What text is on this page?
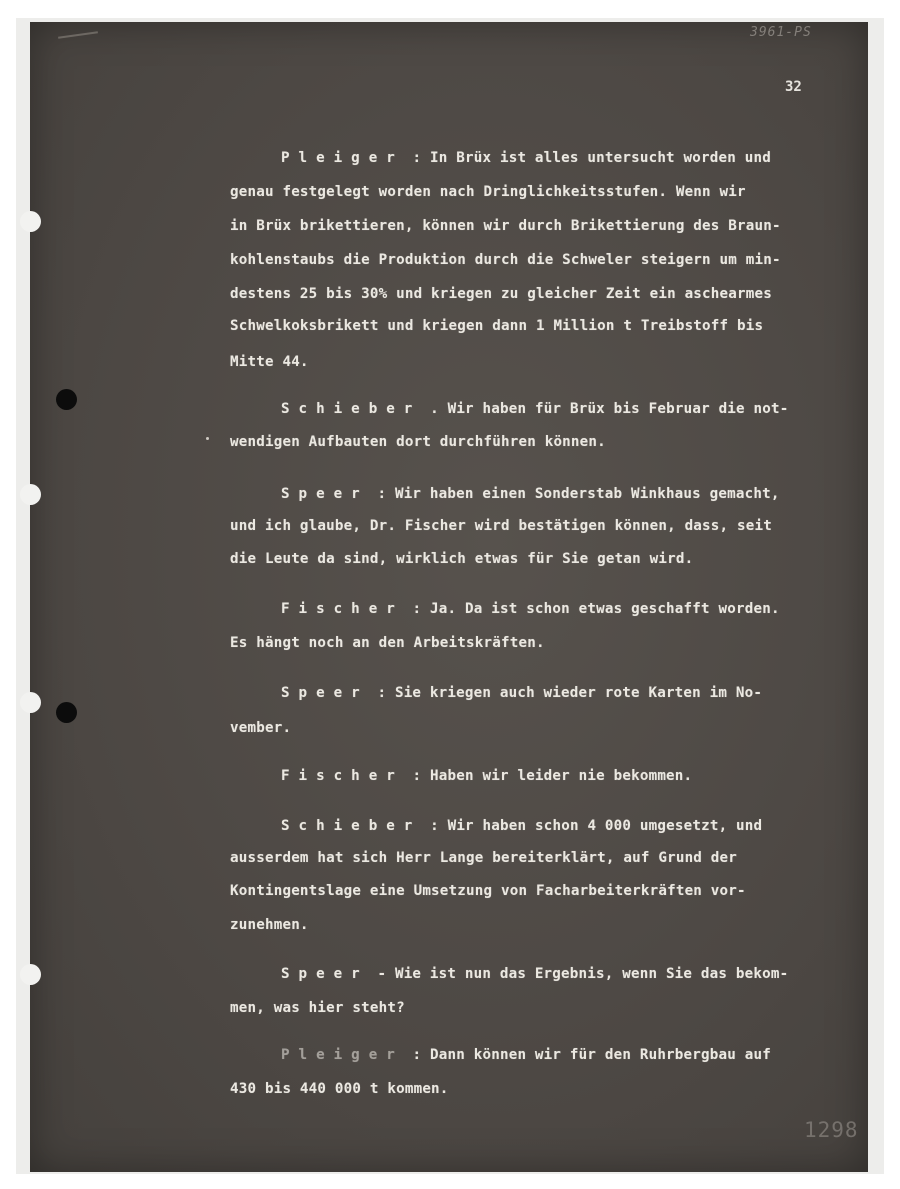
3961-PS
32
Pleiger : In Brüx ist alles untersucht worden und
genau festgelegt worden nach Dringlichkeitsstufen. Wenn wir
in Brüx brikettieren, können wir durch Brikettierung des Braun-
kohlenstaubs die Produktion durch die Schweler steigern um min-
destens 25 bis 30% und kriegen zu gleicher Zeit ein aschearmes
Schwelkoksbrikett und kriegen dann 1 Million t Treibstoff bis
Mitte 44.
Schieber . Wir haben für Brüx bis Februar die not-
wendigen Aufbauten dort durchführen können.
Speer : Wir haben einen Sonderstab Winkhaus gemacht,
und ich glaube, Dr. Fischer wird bestätigen können, dass, seit
die Leute da sind, wirklich etwas für Sie getan wird.
Fischer : Ja. Da ist schon etwas geschafft worden.
Es hängt noch an den Arbeitskräften.
Speer : Sie kriegen auch wieder rote Karten im No-
vember.
Fischer : Haben wir leider nie bekommen.
Schieber : Wir haben schon 4 000 umgesetzt, und
ausserdem hat sich Herr Lange bereiterklärt, auf Grund der
Kontingentslage eine Umsetzung von Facharbeiterkräften vor-
zunehmen.
Speer - Wie ist nun das Ergebnis, wenn Sie das bekom-
men, was hier steht?
Pleiger : Dann können wir für den Ruhrbergbau auf
430 bis 440 000 t kommen.
1298
